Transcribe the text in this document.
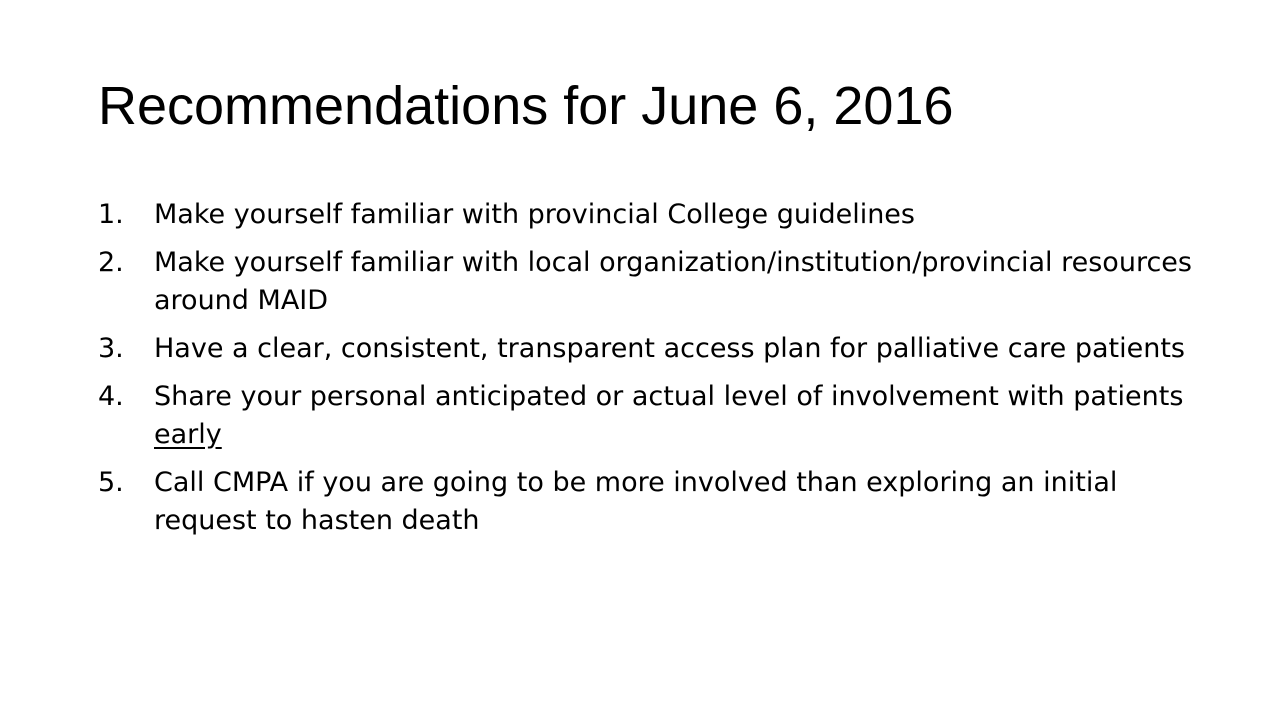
Recommendations for June 6, 2016
1.	Make yourself familiar with provincial College guidelines
2.	Make yourself familiar with local organization/institution/provincial resources around MAID
3.	Have a clear, consistent, transparent access plan for palliative care patients
4.	Share your personal anticipated or actual level of involvement with patients early
5.	Call CMPA if you are going to be more involved than exploring an initial request to hasten death
